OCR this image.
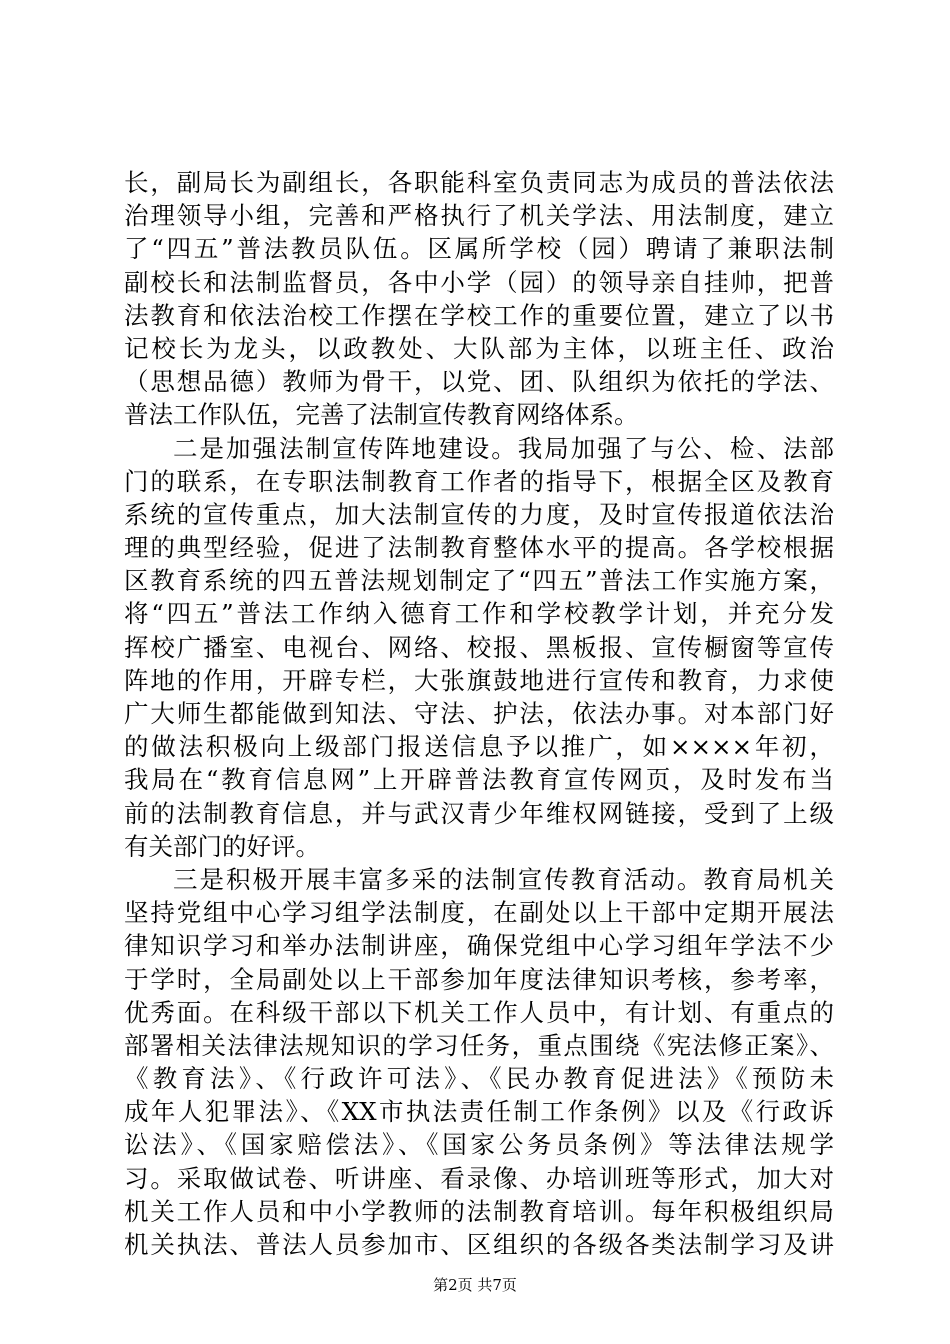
长，副局长为副组长，各职能科室负责同志为成员的普法依法
治理领导小组，完善和严格执行了机关学法、用法制度，建立
了“四五”普法教员队伍。区属所学校（园）聘请了兼职法制
副校长和法制监督员，各中小学（园）的领导亲自挂帅，把普
法教育和依法治校工作摆在学校工作的重要位置，建立了以书
记校长为龙头，以政教处、大队部为主体，以班主任、政治
（思想品德）教师为骨干，以党、团、队组织为依托的学法、
普法工作队伍，完善了法制宣传教育网络体系。
二是加强法制宣传阵地建设。我局加强了与公、检、法部
门的联系，在专职法制教育工作者的指导下，根据全区及教育
系统的宣传重点，加大法制宣传的力度，及时宣传报道依法治
理的典型经验，促进了法制教育整体水平的提高。各学校根据
区教育系统的四五普法规划制定了“四五”普法工作实施方案，
将“四五”普法工作纳入德育工作和学校教学计划，并充分发
挥校广播室、电视台、网络、校报、黑板报、宣传橱窗等宣传
阵地的作用，开辟专栏，大张旗鼓地进行宣传和教育，力求使
广大师生都能做到知法、守法、护法，依法办事。对本部门好
的做法积极向上级部门报送信息予以推广，如××××年初，
我局在“教育信息网”上开辟普法教育宣传网页，及时发布当
前的法制教育信息，并与武汉青少年维权网链接，受到了上级
有关部门的好评。
三是积极开展丰富多采的法制宣传教育活动。教育局机关
坚持党组中心学习组学法制度，在副处以上干部中定期开展法
律知识学习和举办法制讲座，确保党组中心学习组年学法不少
于学时，全局副处以上干部参加年度法律知识考核，参考率，
优秀面。在科级干部以下机关工作人员中，有计划、有重点的
部署相关法律法规知识的学习任务，重点围绕《宪法修正案》、
《教育法》、《行政许可法》、《民办教育促进法》《预防未
成年人犯罪法》、《XX市执法责任制工作条例》以及《行政诉
讼法》、《国家赔偿法》、《国家公务员条例》等法律法规学
习。采取做试卷、听讲座、看录像、办培训班等形式，加大对
机关工作人员和中小学教师的法制教育培训。每年积极组织局
机关执法、普法人员参加市、区组织的各级各类法制学习及讲
第2页 共7页
